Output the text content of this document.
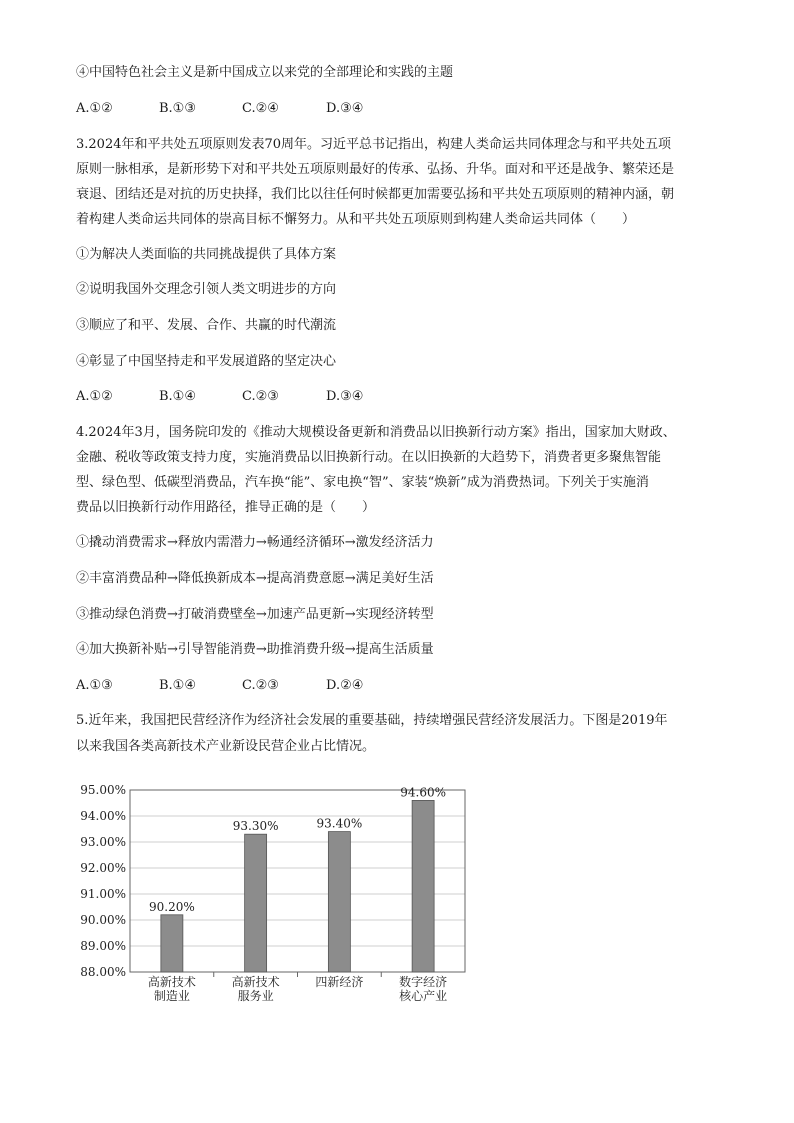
④中国特色社会主义是新中国成立以来党的全部理论和实践的主题
A.①②	B.①③	C.②④	D.③④
3.2024年和平共处五项原则发表70周年。习近平总书记指出，构建人类命运共同体理念与和平共处五项
原则一脉相承，是新形势下对和平共处五项原则最好的传承、弘扬、升华。面对和平还是战争、繁荣还是
衰退、团结还是对抗的历史抉择，我们比以往任何时候都更加需要弘扬和平共处五项原则的精神内涵，朝
着构建人类命运共同体的崇高目标不懈努力。从和平共处五项原则到构建人类命运共同体（　　）
①为解决人类面临的共同挑战提供了具体方案
②说明我国外交理念引领人类文明进步的方向
③顺应了和平、发展、合作、共赢的时代潮流
④彰显了中国坚持走和平发展道路的坚定决心
A.①②	B.①④	C.②③	D.③④
4.2024年3月，国务院印发的《推动大规模设备更新和消费品以旧换新行动方案》指出，国家加大财政、
金融、税收等政策支持力度，实施消费品以旧换新行动。在以旧换新的大趋势下，消费者更多聚焦智能
型、绿色型、低碳型消费品，汽车换“能”、家电换“智”、家装“焕新”成为消费热词。下列关于实施消
费品以旧换新行动作用路径，推导正确的是（　　）
①撬动消费需求→释放内需潜力→畅通经济循环→激发经济活力
②丰富消费品种→降低换新成本→提高消费意愿→满足美好生活
③推动绿色消费→打破消费壁垒→加速产品更新→实现经济转型
④加大换新补贴→引导智能消费→助推消费升级→提高生活质量
A.①③	B.①④	C.②③	D.②④
5.近年来，我国把民营经济作为经济社会发展的重要基础，持续增强民营经济发展活力。下图是2019年
以来我国各类高新技术产业新设民营企业占比情况。
88.00%
89.00%
90.00%
91.00%
92.00%
93.00%
94.00%
95.00%
90.20%
高新技术
制造业
93.30%
高新技术
服务业
93.40%
四新经济
94.60%
数字经济
核心产业
